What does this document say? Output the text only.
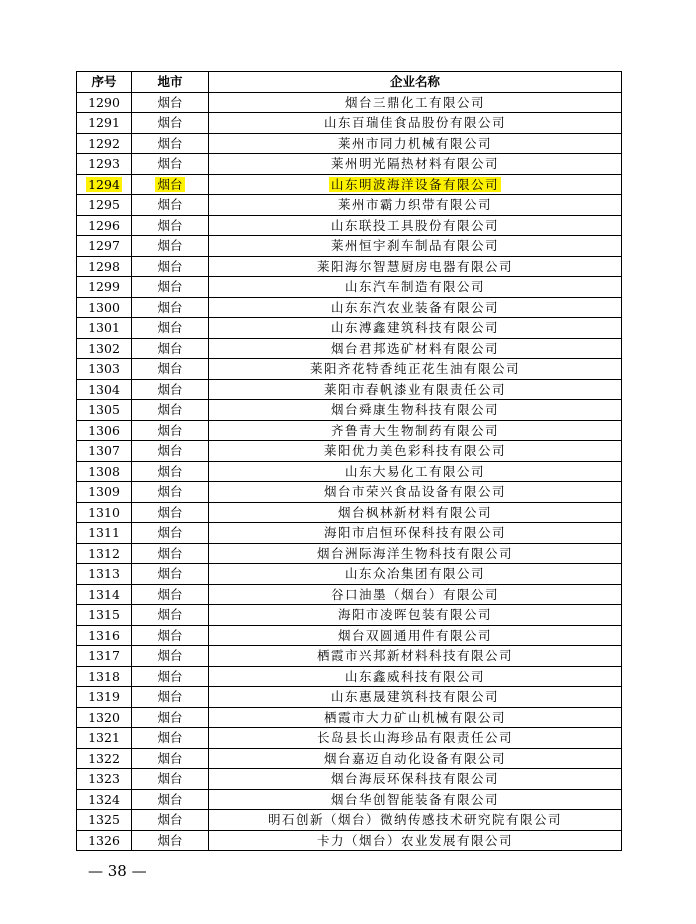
序号	地市	企业名称
1290	烟台	烟台三鼎化工有限公司
1291	烟台	山东百瑞佳食品股份有限公司
1292	烟台	莱州市同力机械有限公司
1293	烟台	莱州明光隔热材料有限公司
1294	烟台	山东明波海洋设备有限公司
1295	烟台	莱州市霸力织带有限公司
1296	烟台	山东联投工具股份有限公司
1297	烟台	莱州恒宇刹车制品有限公司
1298	烟台	莱阳海尔智慧厨房电器有限公司
1299	烟台	山东汽车制造有限公司
1300	烟台	山东东汽农业装备有限公司
1301	烟台	山东溥鑫建筑科技有限公司
1302	烟台	烟台君邦选矿材料有限公司
1303	烟台	莱阳齐花特香纯正花生油有限公司
1304	烟台	莱阳市春帆漆业有限责任公司
1305	烟台	烟台舜康生物科技有限公司
1306	烟台	齐鲁青大生物制药有限公司
1307	烟台	莱阳优力美色彩科技有限公司
1308	烟台	山东大易化工有限公司
1309	烟台	烟台市荣兴食品设备有限公司
1310	烟台	烟台枫林新材料有限公司
1311	烟台	海阳市启恒环保科技有限公司
1312	烟台	烟台洲际海洋生物科技有限公司
1313	烟台	山东众冶集团有限公司
1314	烟台	谷口油墨（烟台）有限公司
1315	烟台	海阳市凌晖包装有限公司
1316	烟台	烟台双圆通用件有限公司
1317	烟台	栖霞市兴邦新材料科技有限公司
1318	烟台	山东鑫威科技有限公司
1319	烟台	山东惠晟建筑科技有限公司
1320	烟台	栖霞市大力矿山机械有限公司
1321	烟台	长岛县长山海珍品有限责任公司
1322	烟台	烟台嘉迈自动化设备有限公司
1323	烟台	烟台海辰环保科技有限公司
1324	烟台	烟台华创智能装备有限公司
1325	烟台	明石创新（烟台）微纳传感技术研究院有限公司
1326	烟台	卡力（烟台）农业发展有限公司
— 38 —
